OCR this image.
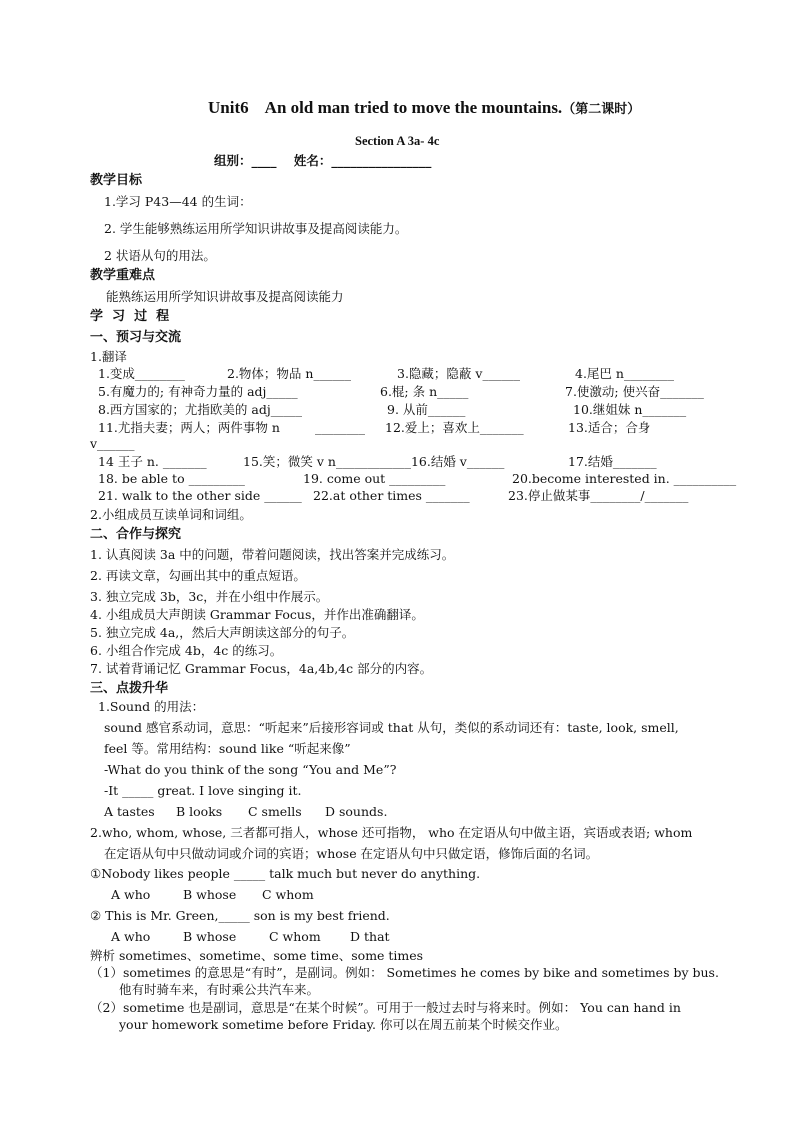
Unit6    An old man tried to move the mountains.（第二课时）
Section A 3a- 4c
组别：____    姓名：________________
教学目标
1.学习 P43—44 的生词：
2. 学生能够熟练运用所学知识讲故事及提高阅读能力。
2 状语从句的用法。
教学重难点
能熟练运用所学知识讲故事及提高阅读能力
学  习  过  程
一、预习与交流
1.翻译
1.变成________	2.物体；物品 n______	3.隐藏；隐蔽 v______	4.尾巴 n________
5.有魔力的; 有神奇力量的 adj_____	6.棍; 条 n_____	7.使激动; 使兴奋_______
8.西方国家的；尤指欧美的 adj_____	9. 从前______	10.继姐妹 n_______
11.尤指夫妻；两人；两件事物 n	________ 12.爱上；喜欢上_______	13.适合；合身
v______
14 王子 n. _______	15.笑；微笑 v n____________16.结婚 v______	17.结婚_______
18. be able to _________	19. come out _________	20.become interested in. __________
21. walk to the other side ______ 22.at other times _______	23.停止做某事________/_______
2.小组成员互读单词和词组。
二、合作与探究
1. 认真阅读 3a 中的问题，带着问题阅读，找出答案并完成练习。
2. 再读文章，勾画出其中的重点短语。
3. 独立完成 3b，3c，并在小组中作展示。
4. 小组成员大声朗读 Grammar Focus，并作出准确翻译。
5. 独立完成 4a,，然后大声朗读这部分的句子。
6. 小组合作完成 4b，4c 的练习。
7. 试着背诵记忆 Grammar Focus，4a,4b,4c 部分的内容。
三、点拨升华
1.Sound 的用法：
sound 感官系动词，意思：“听起来”后接形容词或 that 从句，类似的系动词还有：taste, look, smell,
feel 等。常用结构：sound like “听起来像”
-What do you think of the song “You and Me”?
-It _____ great. I love singing it.
A tastes B looks C smells D sounds.
2.who, whom, whose, 三者都可指人，whose 还可指物， who 在定语从句中做主语，宾语或表语; whom
在定语从句中只做动词或介词的宾语；whose 在定语从句中只做定语，修饰后面的名词。
①Nobody likes people _____ talk much but never do anything.
A who	B whose C whom
② This is Mr. Green,_____ son is my best friend.
A who	B whose	C whom D that
辨析 sometimes、sometime、some time、some times
（1）sometimes 的意思是“有时”，是副词。例如： Sometimes he comes by bike and sometimes by bus.
他有时骑车来，有时乘公共汽车来。
（2）sometime 也是副词，意思是“在某个时候”。可用于一般过去时与将来时。例如： You can hand in
your homework sometime before Friday. 你可以在周五前某个时候交作业。
